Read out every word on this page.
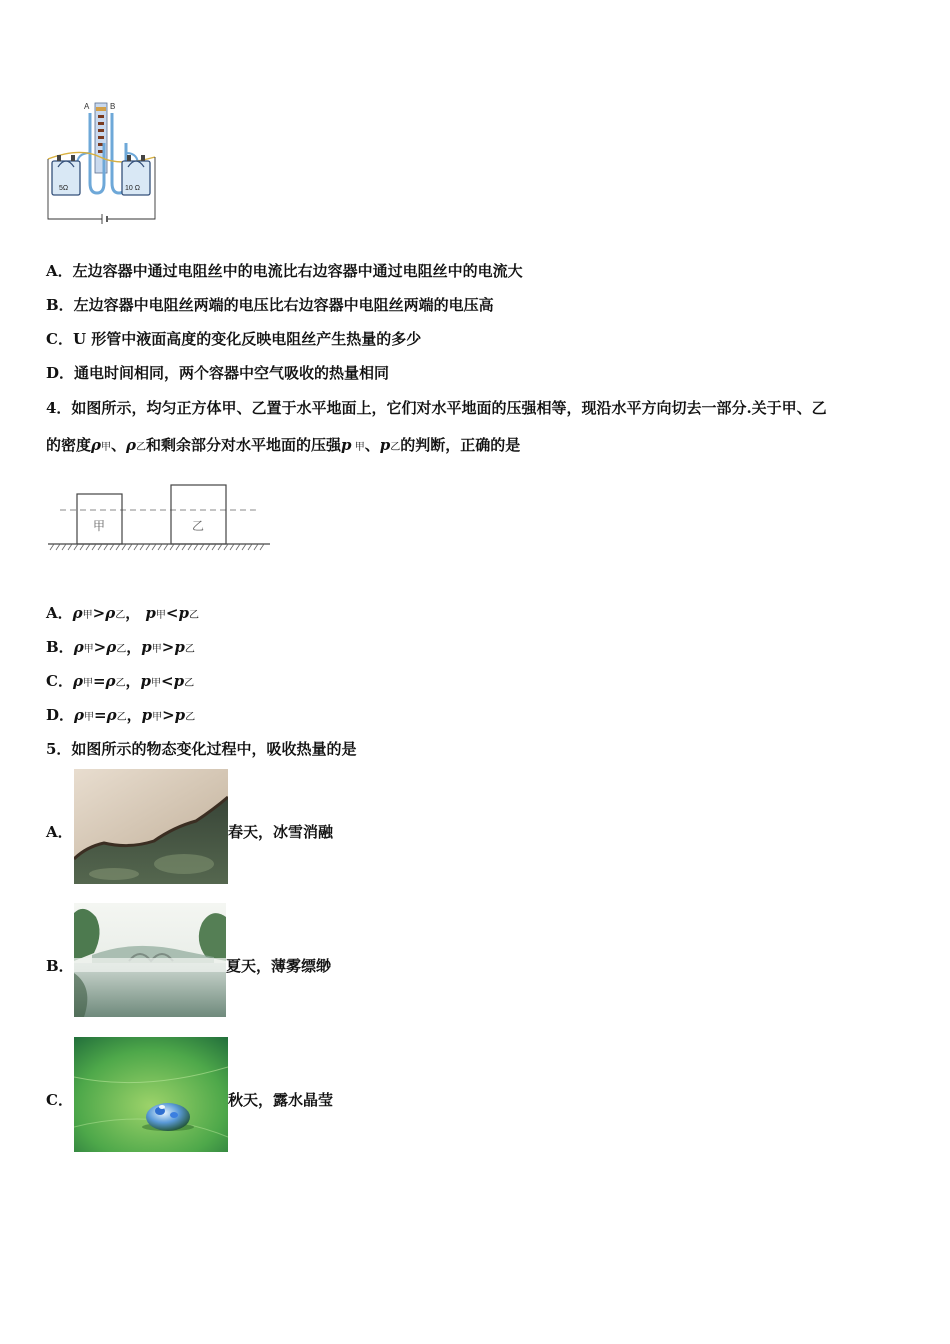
A	B
5Ω	10 Ω
A．左边容器中通过电阻丝中的电流比右边容器中通过电阻丝中的电流大
B．左边容器中电阻丝两端的电压比右边容器中电阻丝两端的电压高
C．U 形管中液面高度的变化反映电阻丝产生热量的多少
D．通电时间相同，两个容器中空气吸收的热量相同
4．如图所示，均匀正方体甲、乙置于水平地面上，它们对水平地面的压强相等，现沿水平方向切去一部分.关于甲、乙
的密度ρ甲、ρ乙和剩余部分对水平地面的压强p 甲、p乙的判断，正确的是
甲	乙
A．ρ甲>ρ乙， p甲<p乙
B．ρ甲>ρ乙，p甲>p乙
C．ρ甲=ρ乙，p甲<p乙
D．ρ甲=ρ乙，p甲>p乙
5．如图所示的物态变化过程中，吸收热量的是
A．	春天，冰雪消融
B．	夏天，薄雾缥缈
C．	秋天，露水晶莹
